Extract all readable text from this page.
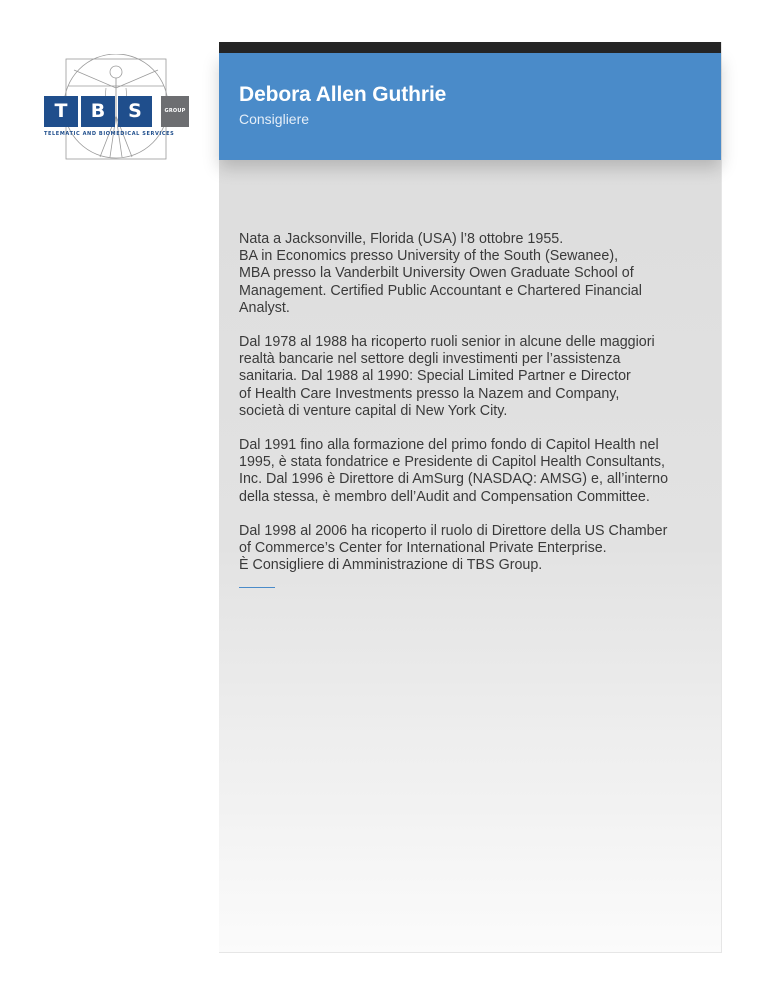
T	B	S	GROUP
TELEMATIC AND BIOMEDICAL SERVICES
Debora Allen Guthrie

Consigliere

Nata a Jacksonville, Florida (USA) l’8 ottobre 1955.
BA in Economics presso University of the South (Sewanee),
MBA presso la Vanderbilt University Owen Graduate School of
Management. Certified Public Accountant e Chartered Financial
Analyst.

Dal 1978 al 1988 ha ricoperto ruoli senior in alcune delle maggiori
realtà bancarie nel settore degli investimenti per l’assistenza
sanitaria. Dal 1988 al 1990: Special Limited Partner e Director
of Health Care Investments presso la Nazem and Company,
società di venture capital di New York City.

Dal 1991 fino alla formazione del primo fondo di Capitol Health nel
1995, è stata fondatrice e Presidente di Capitol Health Consultants,
Inc. Dal 1996 è Direttore di AmSurg (NASDAQ: AMSG) e, all’interno
della stessa, è membro dell’Audit and Compensation Committee.

Dal 1998 al 2006 ha ricoperto il ruolo di Direttore della US Chamber
of Commerce’s Center for International Private Enterprise.
È Consigliere di Amministrazione di TBS Group.
